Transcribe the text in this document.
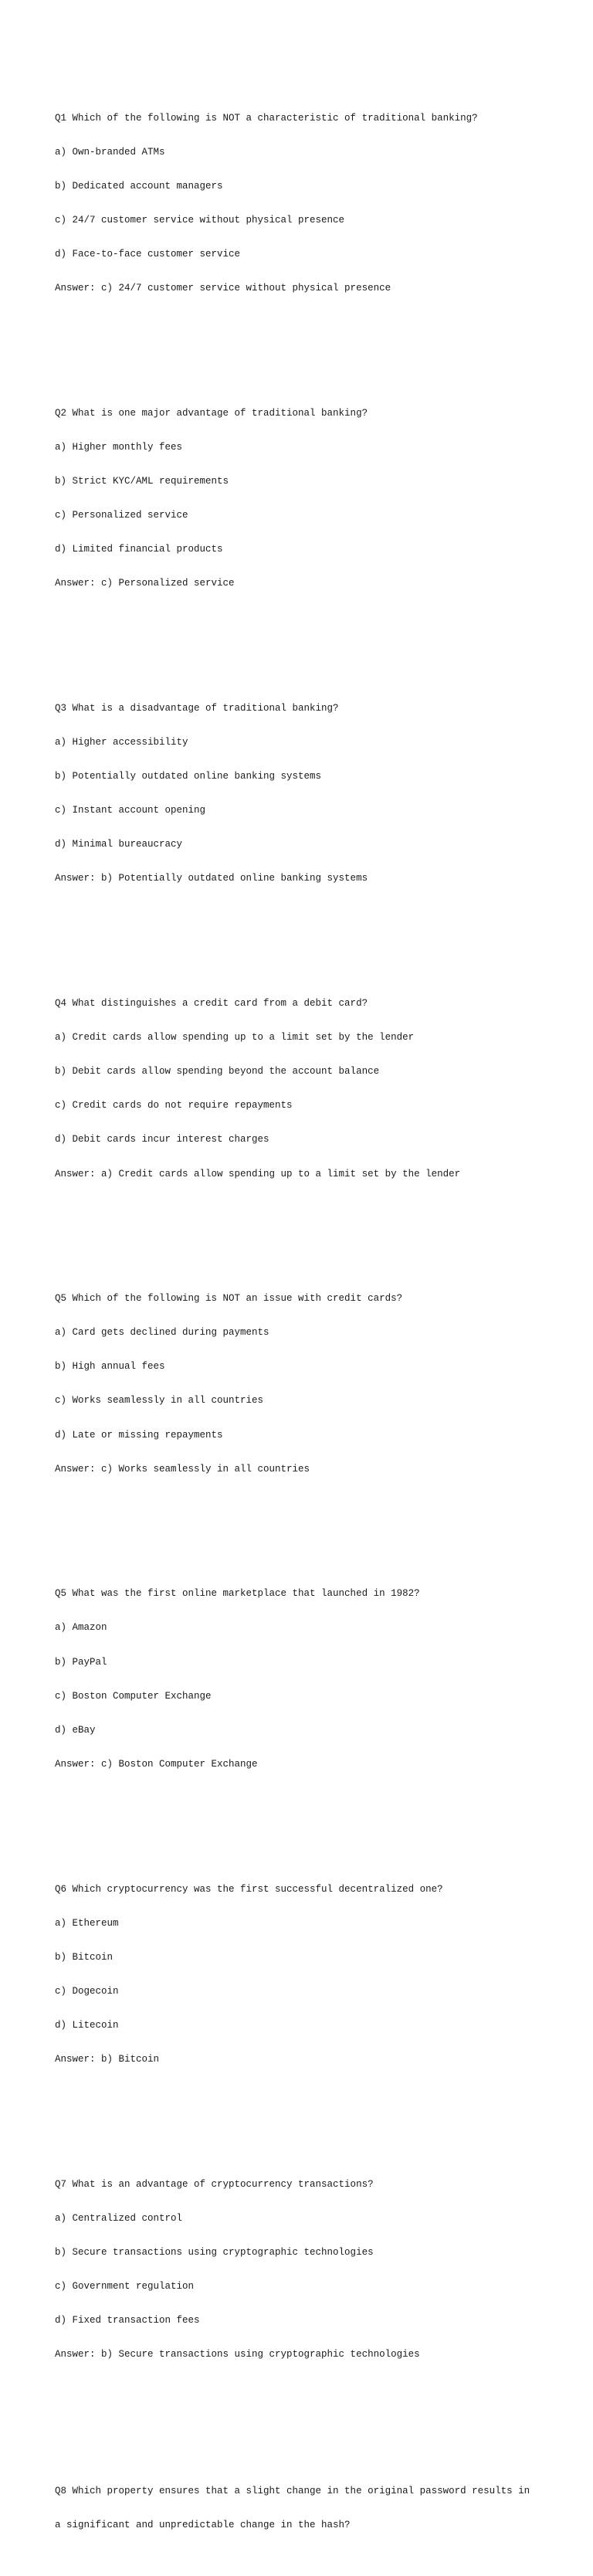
Q1 Which of the following is NOT a characteristic of traditional banking?

a) Own-branded ATMs

b) Dedicated account managers

c) 24/7 customer service without physical presence

d) Face-to-face customer service

Answer: c) 24/7 customer service without physical presence

Q2 What is one major advantage of traditional banking?

a) Higher monthly fees

b) Strict KYC/AML requirements

c) Personalized service

d) Limited financial products

Answer: c) Personalized service

Q3 What is a disadvantage of traditional banking?

a) Higher accessibility

b) Potentially outdated online banking systems

c) Instant account opening

d) Minimal bureaucracy

Answer: b) Potentially outdated online banking systems

Q4 What distinguishes a credit card from a debit card?

a) Credit cards allow spending up to a limit set by the lender

b) Debit cards allow spending beyond the account balance

c) Credit cards do not require repayments

d) Debit cards incur interest charges

Answer: a) Credit cards allow spending up to a limit set by the lender

Q5 Which of the following is NOT an issue with credit cards?

a) Card gets declined during payments

b) High annual fees

c) Works seamlessly in all countries

d) Late or missing repayments

Answer: c) Works seamlessly in all countries

Q5 What was the first online marketplace that launched in 1982?

a) Amazon

b) PayPal

c) Boston Computer Exchange

d) eBay

Answer: c) Boston Computer Exchange

Q6 Which cryptocurrency was the first successful decentralized one?

a) Ethereum

b) Bitcoin

c) Dogecoin

d) Litecoin

Answer: b) Bitcoin

Q7 What is an advantage of cryptocurrency transactions?

a) Centralized control

b) Secure transactions using cryptographic technologies

c) Government regulation

d) Fixed transaction fees

Answer: b) Secure transactions using cryptographic technologies

Q8 Which property ensures that a slight change in the original password results in

a significant and unpredictable change in the hash?
